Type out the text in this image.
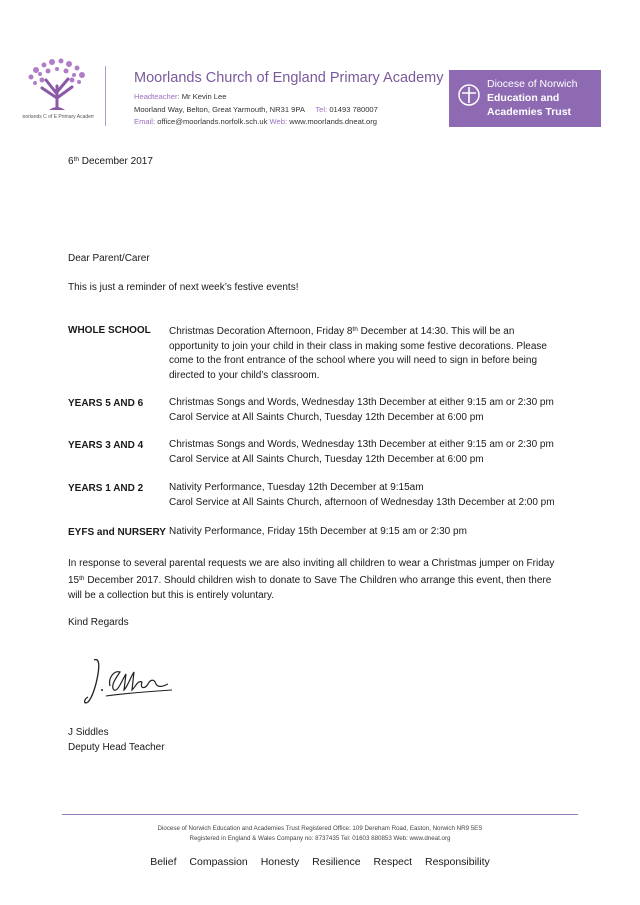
Moorlands C of E Primary Academy
Moorlands Church of England Primary Academy
Headteacher: Mr Kevin Lee
Moorland Way, Belton, Great Yarmouth, NR31 9PA Tel: 01493 780007
Email: office@moorlands.norfolk.sch.uk Web: www.moorlands.dneat.org
Diocese of Norwich
Education and
Academies Trust
6th December 2017
Dear Parent/Carer
This is just a reminder of next week’s festive events!
WHOLE SCHOOL Christmas Decoration Afternoon, Friday 8th December at 14:30. This will be an
opportunity to join your child in their class in making some festive decorations. Please
come to the front entrance of the school where you will need to sign in before being
directed to your child’s classroom.
YEARS 5 AND 6	Christmas Songs and Words, Wednesday 13th December at either 9:15 am or 2:30 pm
Carol Service at All Saints Church, Tuesday 12th December at 6:00 pm
YEARS 3 AND 4	Christmas Songs and Words, Wednesday 13th December at either 9:15 am or 2:30 pm
Carol Service at All Saints Church, Tuesday 12th December at 6:00 pm
YEARS 1 AND 2	Nativity Performance, Tuesday 12th December at 9:15am
Carol Service at All Saints Church, afternoon of Wednesday 13th December at 2:00 pm
EYFS and NURSERY Nativity Performance, Friday 15th December at 9:15 am or 2:30 pm
In response to several parental requests we are also inviting all children to wear a Christmas jumper on Friday
15th December 2017. Should children wish to donate to Save The Children who arrange this event, then there
will be a collection but this is entirely voluntary.
Kind Regards
J Siddles
Deputy Head Teacher
Diocese of Norwich Education and Academies Trust Registered Office: 109 Dereham Road, Easton, Norwich NR9 5ES
Registered in England & Wales Company no: 8737435 Tel: 01603 880853 Web: www.dneat.org
Belief Compassion Honesty Resilience Respect Responsibility
